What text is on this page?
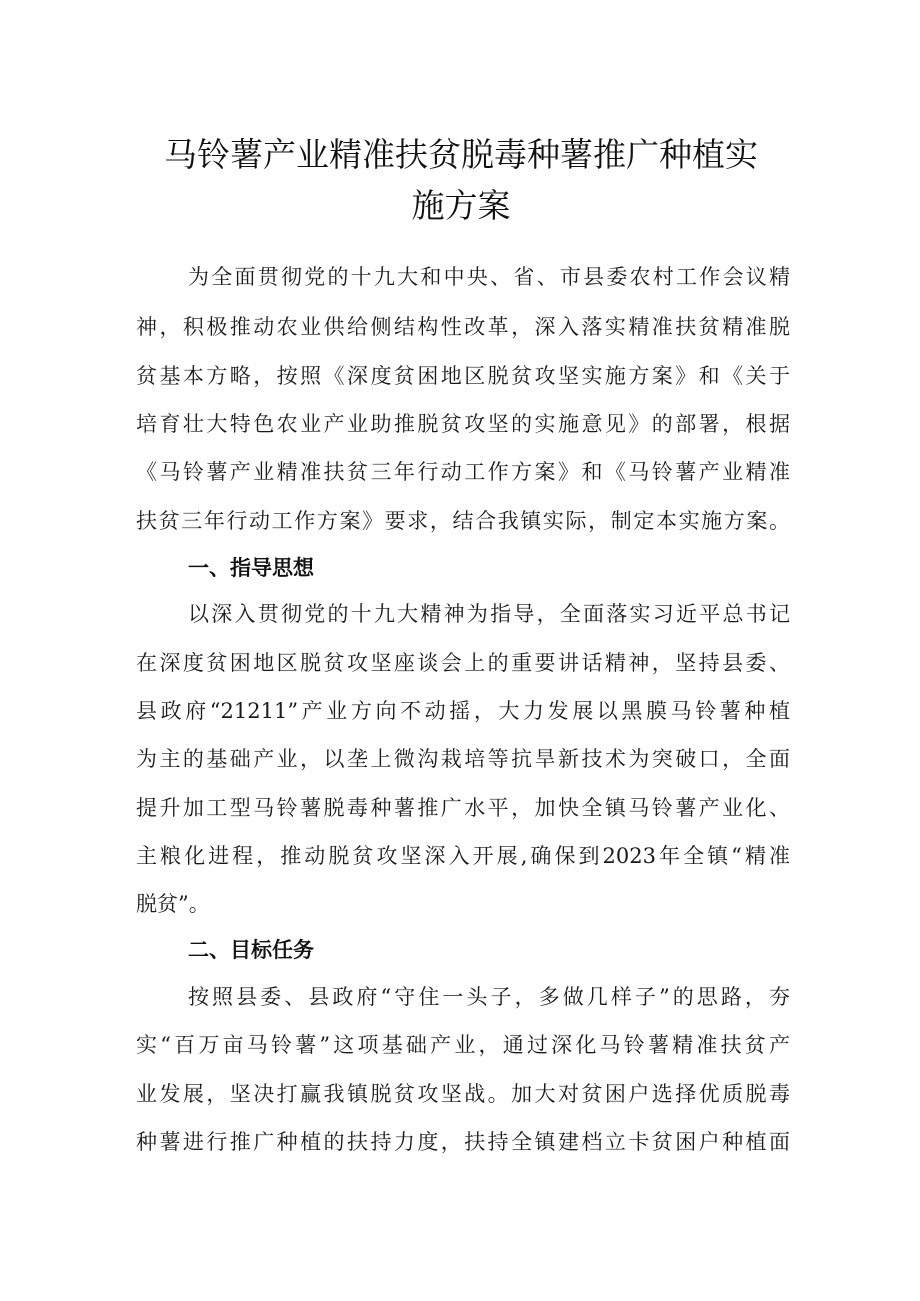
马铃薯产业精准扶贫脱毒种薯推广种植实
施方案
为全面贯彻党的十九大和中央、省、市县委农村工作会议精
神，积极推动农业供给侧结构性改革，深入落实精准扶贫精准脱
贫基本方略，按照《深度贫困地区脱贫攻坚实施方案》和《关于
培育壮大特色农业产业助推脱贫攻坚的实施意见》的部署，根据
《马铃薯产业精准扶贫三年行动工作方案》和《马铃薯产业精准
扶贫三年行动工作方案》要求，结合我镇实际，制定本实施方案。
一、指导思想
以深入贯彻党的十九大精神为指导，全面落实习近平总书记
在深度贫困地区脱贫攻坚座谈会上的重要讲话精神，坚持县委、
县政府“21211”产业方向不动摇，大力发展以黑膜马铃薯种植
为主的基础产业，以垄上微沟栽培等抗旱新技术为突破口，全面
提升加工型马铃薯脱毒种薯推广水平，加快全镇马铃薯产业化、
主粮化进程，推动脱贫攻坚深入开展,确保到2023年全镇“精准
脱贫”。
二、目标任务
按照县委、县政府“守住一头子，多做几样子”的思路，夯
实“百万亩马铃薯”这项基础产业，通过深化马铃薯精准扶贫产
业发展，坚决打赢我镇脱贫攻坚战。加大对贫困户选择优质脱毒
种薯进行推广种植的扶持力度，扶持全镇建档立卡贫困户种植面
